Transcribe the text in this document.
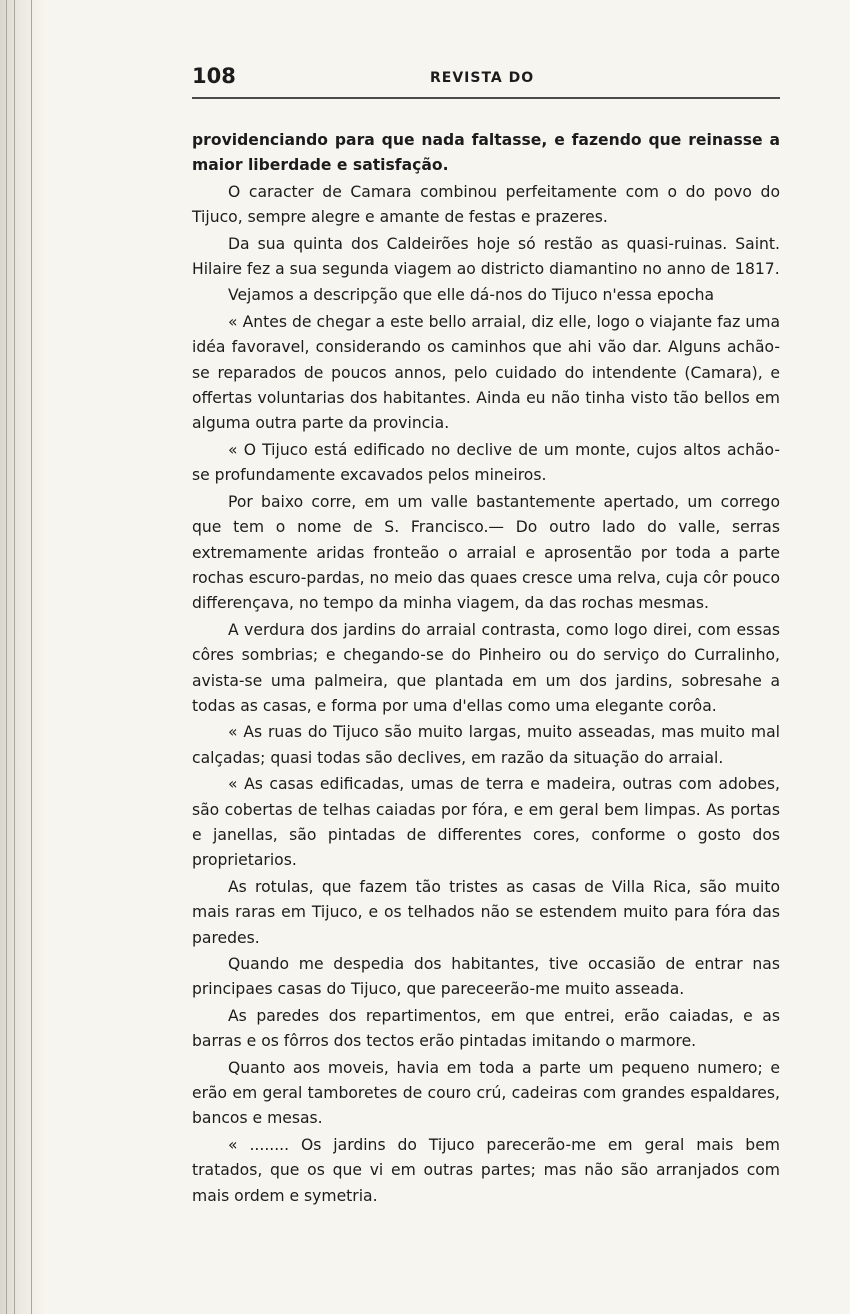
108	REVISTA DO

providenciando para que nada faltasse, e fazendo que reinasse a maior liberdade e satisfação.

O caracter de Camara combinou perfeitamente com o do povo do Tijuco, sempre alegre e amante de festas e prazeres.

Da sua quinta dos Caldeirões hoje só restão as quasi-ruinas. Saint. Hilaire fez a sua segunda viagem ao districto diamantino no anno de 1817.

Vejamos a descripção que elle dá-nos do Tijuco n'essa epocha

« Antes de chegar a este bello arraial, diz elle, logo o viajante faz uma idéa favoravel, considerando os caminhos que ahi vão dar. Alguns achão-se reparados de poucos annos, pelo cuidado do intendente (Camara), e offertas voluntarias dos habitantes. Ainda eu não tinha visto tão bellos em alguma outra parte da provincia.

« O Tijuco está edificado no declive de um monte, cujos altos achão-se profundamente excavados pelos mineiros.

Por baixo corre, em um valle bastantemente apertado, um corrego que tem o nome de S. Francisco.— Do outro lado do valle, serras extremamente aridas fronteão o arraial e aprosentão por toda a parte rochas escuro-pardas, no meio das quaes cresce uma relva, cuja côr pouco differençava, no tempo da minha viagem, da das rochas mesmas.

A verdura dos jardins do arraial contrasta, como logo direi, com essas côres sombrias; e chegando-se do Pinheiro ou do serviço do Curralinho, avista-se uma palmeira, que plantada em um dos jardins, sobresahe a todas as casas, e forma por uma d'ellas como uma elegante corôa.

« As ruas do Tijuco são muito largas, muito asseadas, mas muito mal calçadas; quasi todas são declives, em razão da situação do arraial.

« As casas edificadas, umas de terra e madeira, outras com adobes, são cobertas de telhas caiadas por fóra, e em geral bem limpas. As portas e janellas, são pintadas de differentes cores, conforme o gosto dos proprietarios.

As rotulas, que fazem tão tristes as casas de Villa Rica, são muito mais raras em Tijuco, e os telhados não se estendem muito para fóra das paredes.

Quando me despedia dos habitantes, tive occasião de entrar nas principaes casas do Tijuco, que pareceerão-me muito asseada.

As paredes dos repartimentos, em que entrei, erão caiadas, e as barras e os fôrros dos tectos erão pintadas imitando o marmore.

Quanto aos moveis, havia em toda a parte um pequeno numero; e erão em geral tamboretes de couro crú, cadeiras com grandes espaldares, bancos e mesas.

« ........ Os jardins do Tijuco parecerão-me em geral mais bem tratados, que os que vi em outras partes; mas não são arranjados com mais ordem e symetria.
